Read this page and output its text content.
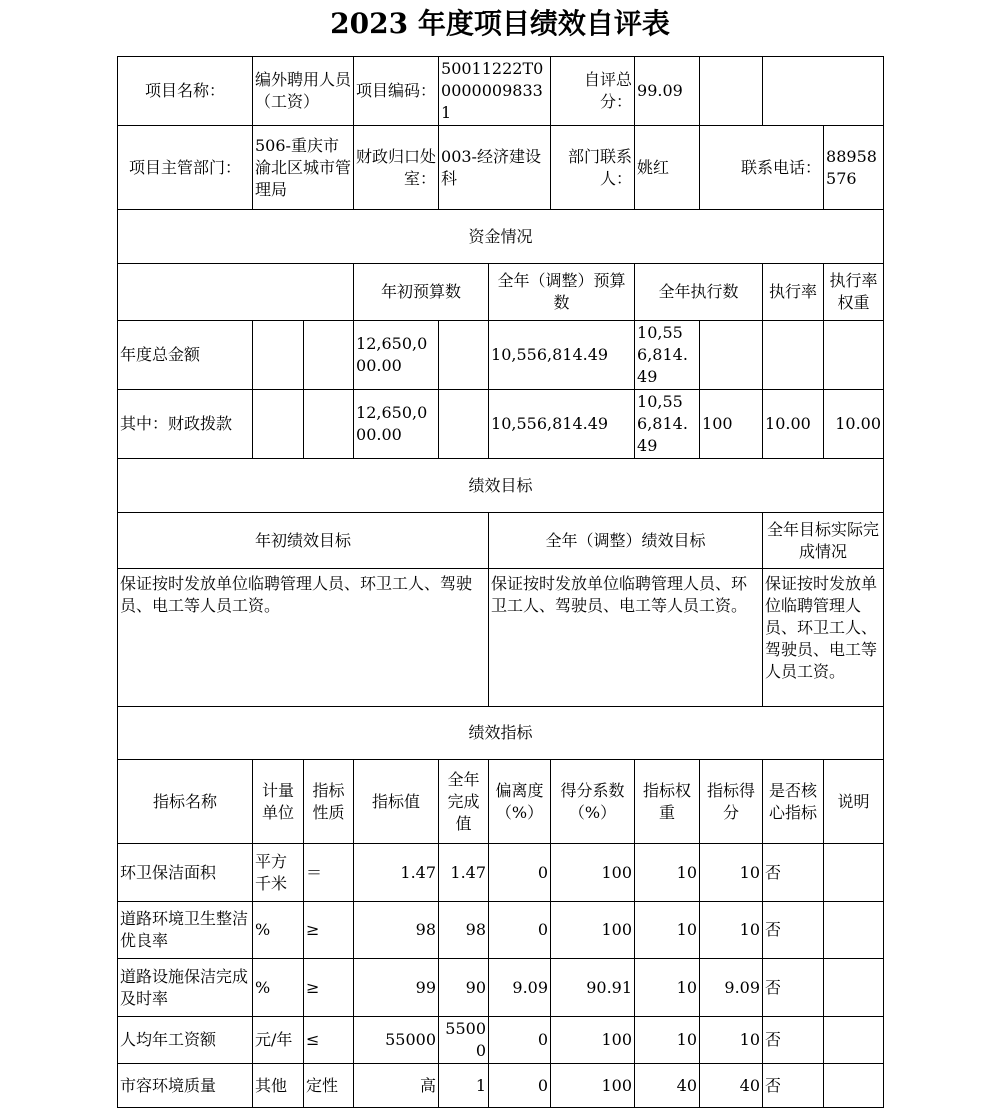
2023 年度项目绩效自评表
项目名称：	编外聘用人员（工资）		项目编码：	50011222T000000098331		自评总分：	99.09			
项目主管部门：	506-重庆市渝北区城市管理局		财政归口处室：	003-经济建设科		部门联系人：	姚红	联系电话：		88958576
资金情况										
			年初预算数		全年（调整）预算数		全年执行数		执行率	执行率权重
年度总金额			12,650,000.00		10,556,814.49		10,556,814.49			
其中：财政拨款			12,650,000.00		10,556,814.49		10,556,814.49	100	10.00	10.00
绩效目标										
年初绩效目标					全年（调整）绩效目标				全年目标实际完成情况	
保证按时发放单位临聘管理人员、环卫工人、驾驶员、电工等人员工资。					保证按时发放单位临聘管理人员、环卫工人、驾驶员、电工等人员工资。				保证按时发放单位临聘管理人员、环卫工人、驾驶员、电工等人员工资。	
绩效指标										
指标名称	计量单位	指标性质	指标值	全年完成值	偏离度（%）	得分系数（%）	指标权重	指标得分	是否核心指标	说明
环卫保洁面积	平方千米	＝	1.47	1.47	0	100	10	10	否	
道路环境卫生整洁优良率	%	≥	98	98	0	100	10	10	否	
道路设施保洁完成及时率	%	≥	99	90	9.09	90.91	10	9.09	否	
人均年工资额	元/年	≤	55000	55000	0	100	10	10	否	
市容环境质量	其他	定性	高	1	0	100	40	40	否	
